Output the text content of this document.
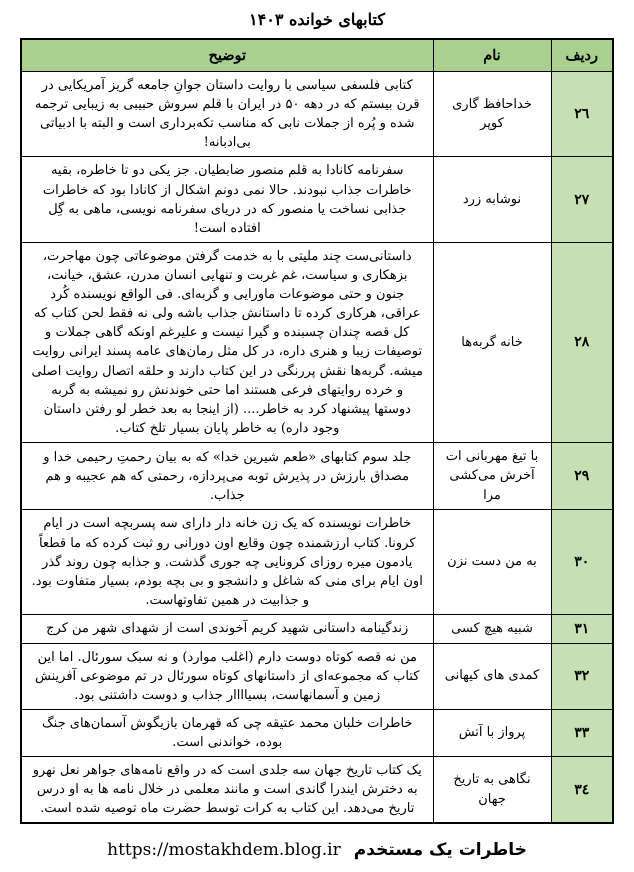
کتابهای خوانده ۱۴۰۳
ردیف	نام	توضیح
٢٦	خداحافظ گاری کوپر	کتابی فلسفی سیاسی با روایت داستان جوانِ جامعه گریز آمریکایی در قرن بیستم که در دهه ۵۰ در ایران با قلم سروش حبیبی به زیبایی ترجمه شده و پُره از جملات نابی که مناسب تکه‌برداری است و البته با ادبیاتی بی‌ادبانه!
٢٧	نوشابه زرد	سفرنامه کانادا به قلم منصور ضابطیان. جز یکی دو تا خاطره، بقیه خاطرات جذاب نبودند. حالا نمی دونم اشکال از کانادا بود که خاطرات جذابی نساخت یا منصور که در دریای سفرنامه نویسی، ماهی به گِل افتاده است!
٢٨	خانه گربه‌ها	داستانی‌ست چند ملیتی با به خدمت گرفتن موضوعاتی چون مهاجرت، بزهکاری و سیاست، غم غربت و تنهایی انسان مدرن، عشق، خیانت، جنون و حتی موضوعات ماورایی و گربه‌ای. فی الواقع نویسنده کُرد عراقی، هرکاری کرده تا داستانش جذاب باشه ولی نه فقط لحن کتاب که کل قصه چندان چسبنده و گیرا نیست و علیرغم اونکه گاهی جملات و توصیفات زیبا و هنری داره، در کل مثل رمان‌های عامه پسند ایرانی روایت میشه. گربه‌ها نقش پررنگی در این کتاب دارند و حلقه اتصال روایت اصلی و خرده روایتهای فرعی هستند اما حتی خوندنش رو نمیشه به گربه دوستها پیشنهاد کرد به خاطر.... (از اینجا به بعد خطر لو رفتن داستان وجود داره) به خاطر پایان بسیار تلخ کتاب.
٢٩	با تیغ مهربانی ات آخرش می‌کشی مرا	جلد سوم کتابهای «طعم شیرین خدا» که به بیان رحمتِ رحیمی خدا و مصداق بارزش در پذیرش توبه می‌پردازه، رحمتی که هم عجیبه و هم جذاب.
٣٠	به من دست نزن	خاطرات نویسنده که یک زن خانه دار دارای سه پسربچه است در ایام کرونا. کتاب ارزشمنده چون وقایع اون دورانی رو ثبت کرده که ما قطعاً یادمون میره روزای کرونایی چه جوری گذشت. و جذابه چون روند گذر اون ایام برای منی که شاغل و دانشجو و بی بچه بودم، بسیار متفاوت بود. و جذابیت در همین تفاوتهاست.
٣١	شبیه هیچ کسی	زندگینامه داستانی شهید کریم آخوندی است از شهدای شهر من کرج
٣٢	کمدی های کیهانی	من نه قصه کوتاه دوست دارم (اغلب موارد) و نه سبک سورئال. اما این کتاب که مجموعه‌ای از داستانهای کوتاه سورئال در تم موضوعی آفرینش زمین و آسمانهاست، بسیاااار جذاب و دوست داشتنی بود.
٣٣	پرواز با آتش	خاطرات خلبان محمد عتیقه چی که قهرمان بازیگوش آسمان‌های جنگ بوده، خواندنی است.
٣٤	نگاهی به تاریخ جهان	یک کتاب تاریخ جهان سه جلدی است که در واقع نامه‌های جواهر نعل نهرو به دخترش ایندرا گاندی است و مانند معلمی در خلال نامه ها به او درس تاریخ می‌دهد. این کتاب به کرات توسط حضرت ماه توصیه شده است.
خاطرات یک مستخدم https://mostakhdem.blog.ir
